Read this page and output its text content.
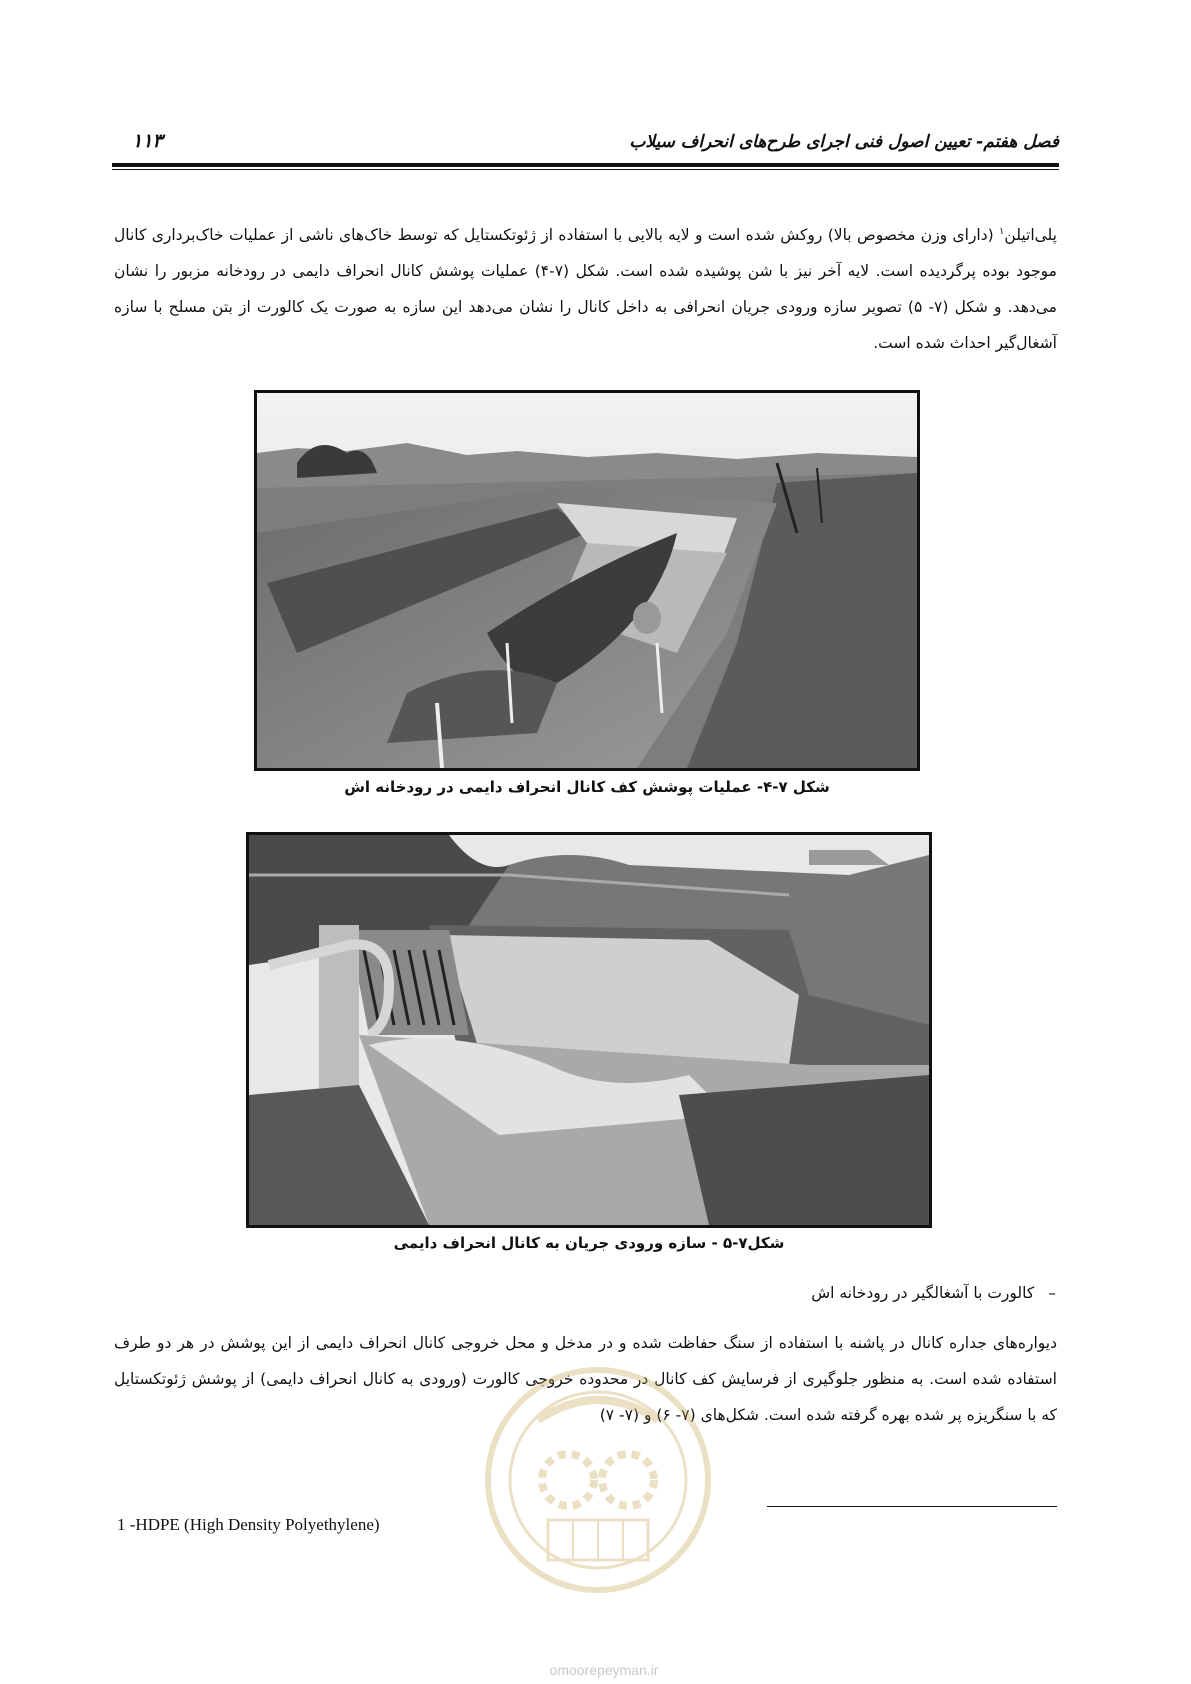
فصل هفتم- تعیین اصول فنی اجرای طرح‌های انحراف سیلاب
۱۱۳
پلی‌اتیلن$^۱$ (دارای وزن مخصوص بالا) روکش شده است و لایه بالایی با استفاده از ژئوتکستایل که توسط خاک‌های ناشی از عملیات خاک‌برداری کانال موجود بوده پرگردیده است. لایه آخر نیز با شن پوشیده شده است. شکل (۷-۴) عملیات پوشش کانال انحراف دایمی در رودخانه مزبور را نشان می‌دهد. و شکل (۷- ۵) تصویر سازه ورودی جریان انحرافی به داخل کانال را نشان می‌دهد این سازه به صورت یک کالورت از بتن مسلح با سازه آشغال‌گیر احداث شده است.
شکل ۷-۴- عملیات پوشش کف کانال انحراف دایمی در رودخانه اش
شکل۷-۵ - سازه ورودی جریان به کانال انحراف دایمی
–کالورت با آشغالگیر در رودخانه اش
دیواره‌های جداره کانال در پاشنه با استفاده از سنگ حفاظت شده و در مدخل و محل خروجی کانال انحراف دایمی از این پوشش در هر دو طرف استفاده شده است. به منظور جلوگیری از فرسایش کف کانال در محدوده خروجی کالورت (ورودی به کانال انحراف دایمی) از پوشش ژئوتکستایل که با سنگریزه پر شده بهره گرفته شده است. شکل‌های (۷- ۶) و (۷- ۷)
1 -HDPE (High Density Polyethylene)
omoorepeyman.ir
